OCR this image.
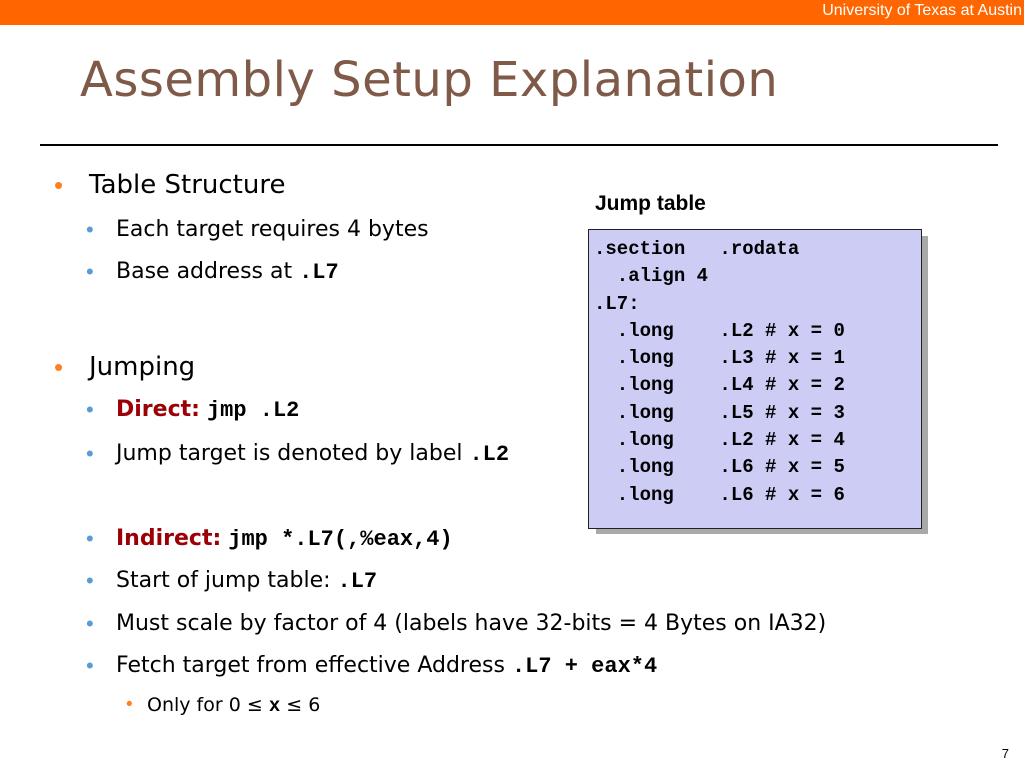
University of Texas at Austin
Assembly Setup Explanation
• Table Structure
• Each target requires 4 bytes
• Base address at .L7
• Jumping
• Direct: jmp .L2
• Jump target is denoted by label .L2
• Indirect: jmp *.L7(,%eax,4)
• Start of jump table: .L7
• Must scale by factor of 4 (labels have 32-bits = 4 Bytes on IA32)
• Fetch target from effective Address .L7 + eax*4
• Only for 0 ≤ x ≤ 6
Jump table
.section   .rodata
.align 4
.L7:
.long    .L2 # x = 0
.long    .L3 # x = 1
.long    .L4 # x = 2
.long    .L5 # x = 3
.long    .L2 # x = 4
.long    .L6 # x = 5
.long    .L6 # x = 6
7
